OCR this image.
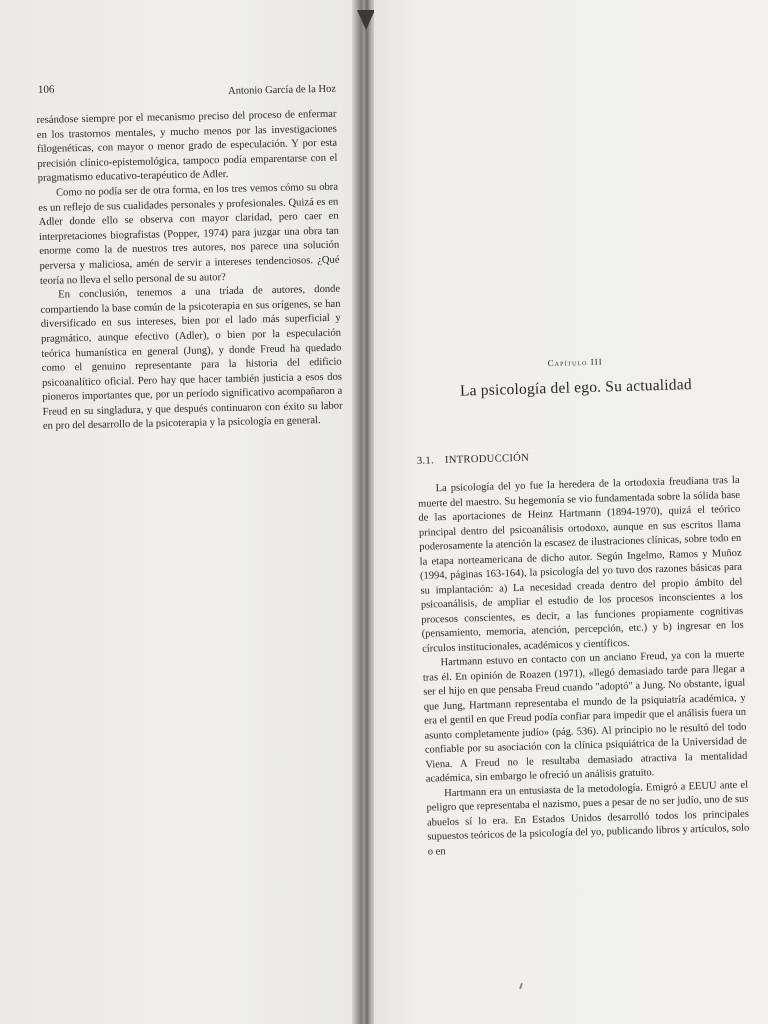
106	Antonio García de la Hoz

resándose siempre por el mecanismo preciso del proceso de enfermar en los trastornos mentales, y mucho menos por las investigaciones filogenéticas, con mayor o menor grado de especulación. Y por esta precisión clínico-epistemológica, tampoco podía emparentarse con el pragmatismo educativo-terapéutico de Adler.

Como no podía ser de otra forma, en los tres vemos cómo su obra es un reflejo de sus cualidades personales y profesionales. Quizá es en Adler donde ello se observa con mayor claridad, pero caer en interpretaciones biografistas (Popper, 1974) para juzgar una obra tan enorme como la de nuestros tres autores, nos parece una solución perversa y maliciosa, amén de servir a intereses tendenciosos. ¿Qué teoría no lleva el sello personal de su autor?

En conclusión, tenemos a una tríada de autores, donde compartiendo la base común de la psicoterapia en sus orígenes, se han diversificado en sus intereses, bien por el lado más superficial y pragmático, aunque efectivo (Adler), o bien por la especulación teórica humanística en general (Jung), y donde Freud ha quedado como el genuino representante para la historia del edificio psicoanalítico oficial. Pero hay que hacer también justicia a esos dos pioneros importantes que, por un período significativo acompañaron a Freud en su singladura, y que después continuaron con éxito su labor en pro del desarrollo de la psicoterapia y la psicología en general.

Capítulo III
La psicología del ego. Su actualidad
3.1. INTRODUCCIÓN

La psicología del yo fue la heredera de la ortodoxia freudiana tras la muerte del maestro. Su hegemonía se vio fundamentada sobre la sólida base de las aportaciones de Heinz Hartmann (1894-1970), quizá el teórico principal dentro del psicoanálisis ortodoxo, aunque en sus escritos llama poderosamente la atención la escasez de ilustraciones clínicas, sobre todo en la etapa norteamericana de dicho autor. Según Ingelmo, Ramos y Muñoz (1994, páginas 163-164), la psicología del yo tuvo dos razones básicas para su implantación: a) La necesidad creada dentro del propio ámbito del psicoanálisis, de ampliar el estudio de los procesos inconscientes a los procesos conscientes, es decir, a las funciones propiamente cognitivas (pensamiento, memoria, atención, percepción, etc.) y b) ingresar en los círculos institucionales, académicos y científicos.

Hartmann estuvo en contacto con un anciano Freud, ya con la muerte tras él. En opinión de Roazen (1971), «llegó demasiado tarde para llegar a ser el hijo en que pensaba Freud cuando "adoptó" a Jung. No obstante, igual que Jung, Hartmann representaba el mundo de la psiquiatría académica, y era el gentil en que Freud podía confiar para impedir que el análisis fuera un asunto completamente judío» (pág. 536). Al principio no le resultó del todo confiable por su asociación con la clínica psiquiátrica de la Universidad de Viena. A Freud no le resultaba demasiado atractiva la mentalidad académica, sin embargo le ofreció un análisis gratuito.

Hartmann era un entusiasta de la metodología. Emigró a EEUU ante el peligro que representaba el nazismo, pues a pesar de no ser judío, uno de sus abuelos sí lo era. En Estados Unidos desarrolló todos los principales supuestos teóricos de la psicología del yo, publicando libros y artículos, solo o en
